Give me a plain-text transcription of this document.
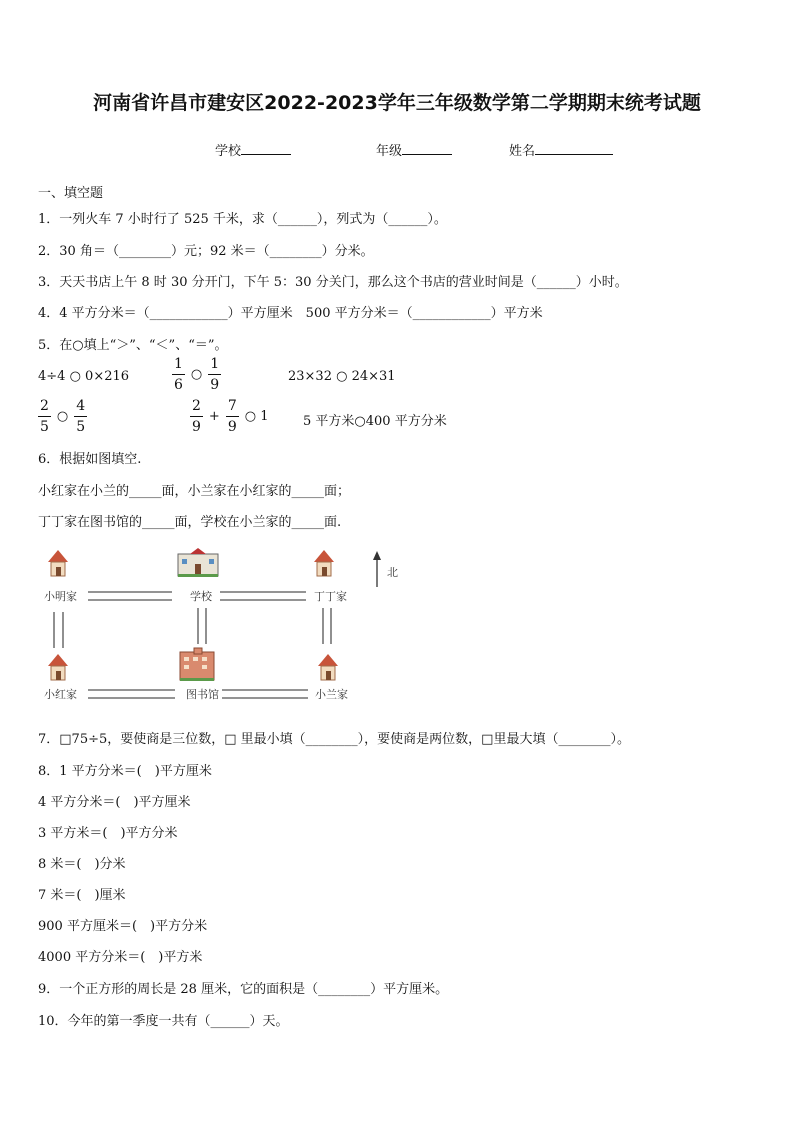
河南省许昌市建安区2022-2023学年三年级数学第二学期期末统考试题
学校	年级	姓名
一、填空题
1．一列火车 7 小时行了 525 千米，求（______），列式为（______）。
2．30 角＝（________）元；92 米＝（________）分米。
3．天天书店上午 8 时 30 分开门，下午 5：30 分关门，那么这个书店的营业时间是（______）小时。
4．4 平方分米＝（____________）平方厘米　500 平方分米＝（____________）平方米
5．在○填上“＞”、“＜”、“＝”。
4÷4 ○ 0×216	$\frac{1}{6}$ ○ $\frac{1}{9}$	23×32 ○ 24×31
$\frac{2}{5}$ ○ $\frac{4}{5}$	$\frac{2}{9} + \frac{7}{9}$ ○ 1	5 平方米○400 平方分米
6．根据如图填空.
小红家在小兰的_____面，小兰家在小红家的_____面；
丁丁家在图书馆的_____面，学校在小兰家的_____面.
小明家	学校	丁丁家
小红家	图书馆	小兰家
北
7．□75÷5，要使商是三位数，□ 里最小填（________），要使商是两位数，□里最大填（________）。
8．1 平方分米＝(　)平方厘米
4 平方分米＝(　)平方厘米
3 平方米＝(　)平方分米
8 米＝(　)分米
7 米＝(　)厘米
900 平方厘米＝(　)平方分米
4000 平方分米＝(　)平方米
9．一个正方形的周长是 28 厘米，它的面积是（________）平方厘米。
10．今年的第一季度一共有（______）天。
